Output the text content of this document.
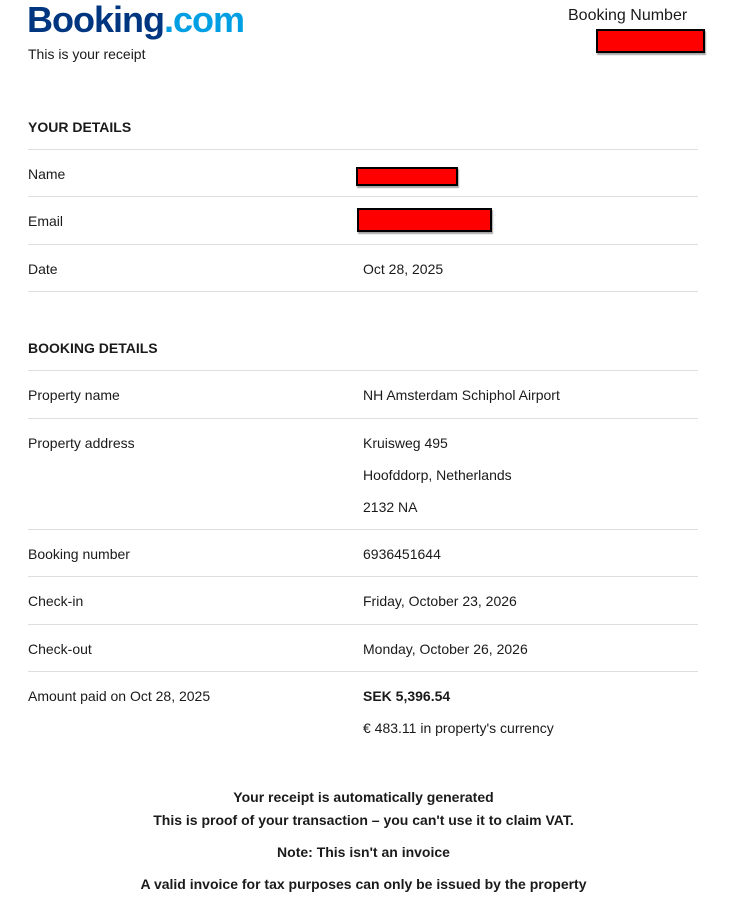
Booking.com
This is your receipt
Booking Number
YOUR DETAILS
Name
Email
Date	Oct 28, 2025
BOOKING DETAILS
Property name	NH Amsterdam Schiphol Airport
Property address	Kruisweg 495
Hoofddorp, Netherlands
2132 NA
Booking number	6936451644
Check-in	Friday, October 23, 2026
Check-out	Monday, October 26, 2026
Amount paid on Oct 28, 2025	SEK 5,396.54
€ 483.11 in property's currency
Your receipt is automatically generated
This is proof of your transaction – you can't use it to claim VAT.
Note: This isn't an invoice
A valid invoice for tax purposes can only be issued by the property
